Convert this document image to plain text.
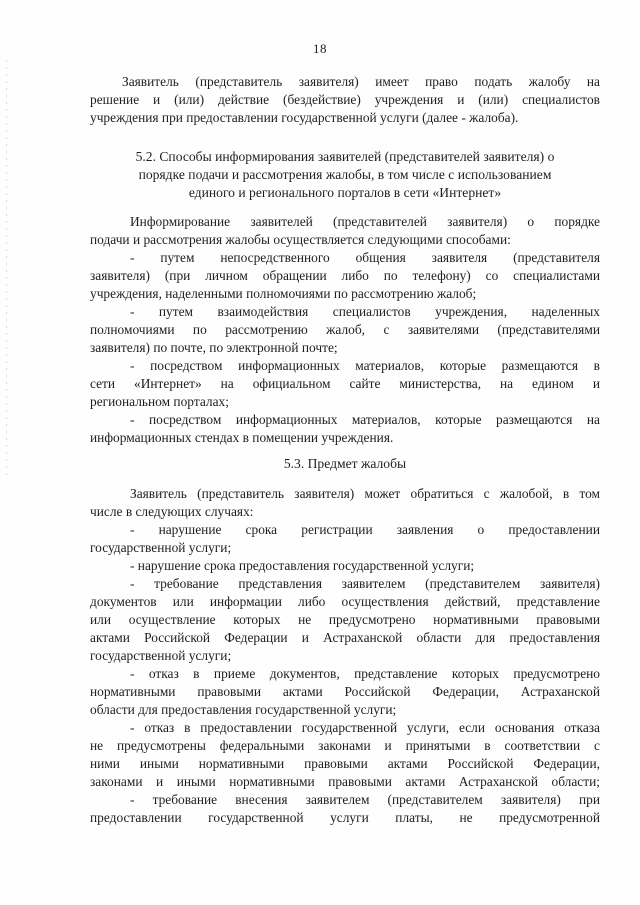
18
Заявитель (представитель заявителя) имеет право подать жалобу на
решение и (или) действие (бездействие) учреждения и (или) специалистов
учреждения при предоставлении государственной услуги (далее - жалоба).
5.2. Способы информирования заявителей (представителей заявителя) о
порядке подачи и рассмотрения жалобы, в том числе с использованием
единого и регионального порталов в сети «Интернет»
Информирование заявителей (представителей заявителя) о порядке
подачи и рассмотрения жалобы осуществляется следующими способами:
- путем непосредственного общения заявителя (представителя
заявителя) (при личном обращении либо по телефону) со специалистами
учреждения, наделенными полномочиями по рассмотрению жалоб;
- путем взаимодействия специалистов учреждения, наделенных
полномочиями по рассмотрению жалоб, с заявителями (представителями
заявителя) по почте, по электронной почте;
- посредством информационных материалов, которые размещаются в
сети «Интернет» на официальном сайте министерства, на едином и
региональном порталах;
- посредством информационных материалов, которые размещаются на
информационных стендах в помещении учреждения.
5.3. Предмет жалобы
Заявитель (представитель заявителя) может обратиться с жалобой, в том
числе в следующих случаях:
- нарушение срока регистрации заявления о предоставлении
государственной услуги;
- нарушение срока предоставления государственной услуги;
- требование представления заявителем (представителем заявителя)
документов или информации либо осуществления действий, представление
или осуществление которых не предусмотрено нормативными правовыми
актами Российской Федерации и Астраханской области для предоставления
государственной услуги;
- отказ в приеме документов, представление которых предусмотрено
нормативными правовыми актами Российской Федерации, Астраханской
области для предоставления государственной услуги;
- отказ в предоставлении государственной услуги, если основания отказа
не предусмотрены федеральными законами и принятыми в соответствии с
ними иными нормативными правовыми актами Российской Федерации,
законами и иными нормативными правовыми актами Астраханской области;
- требование внесения заявителем (представителем заявителя) при
предоставлении государственной услуги платы, не предусмотренной
